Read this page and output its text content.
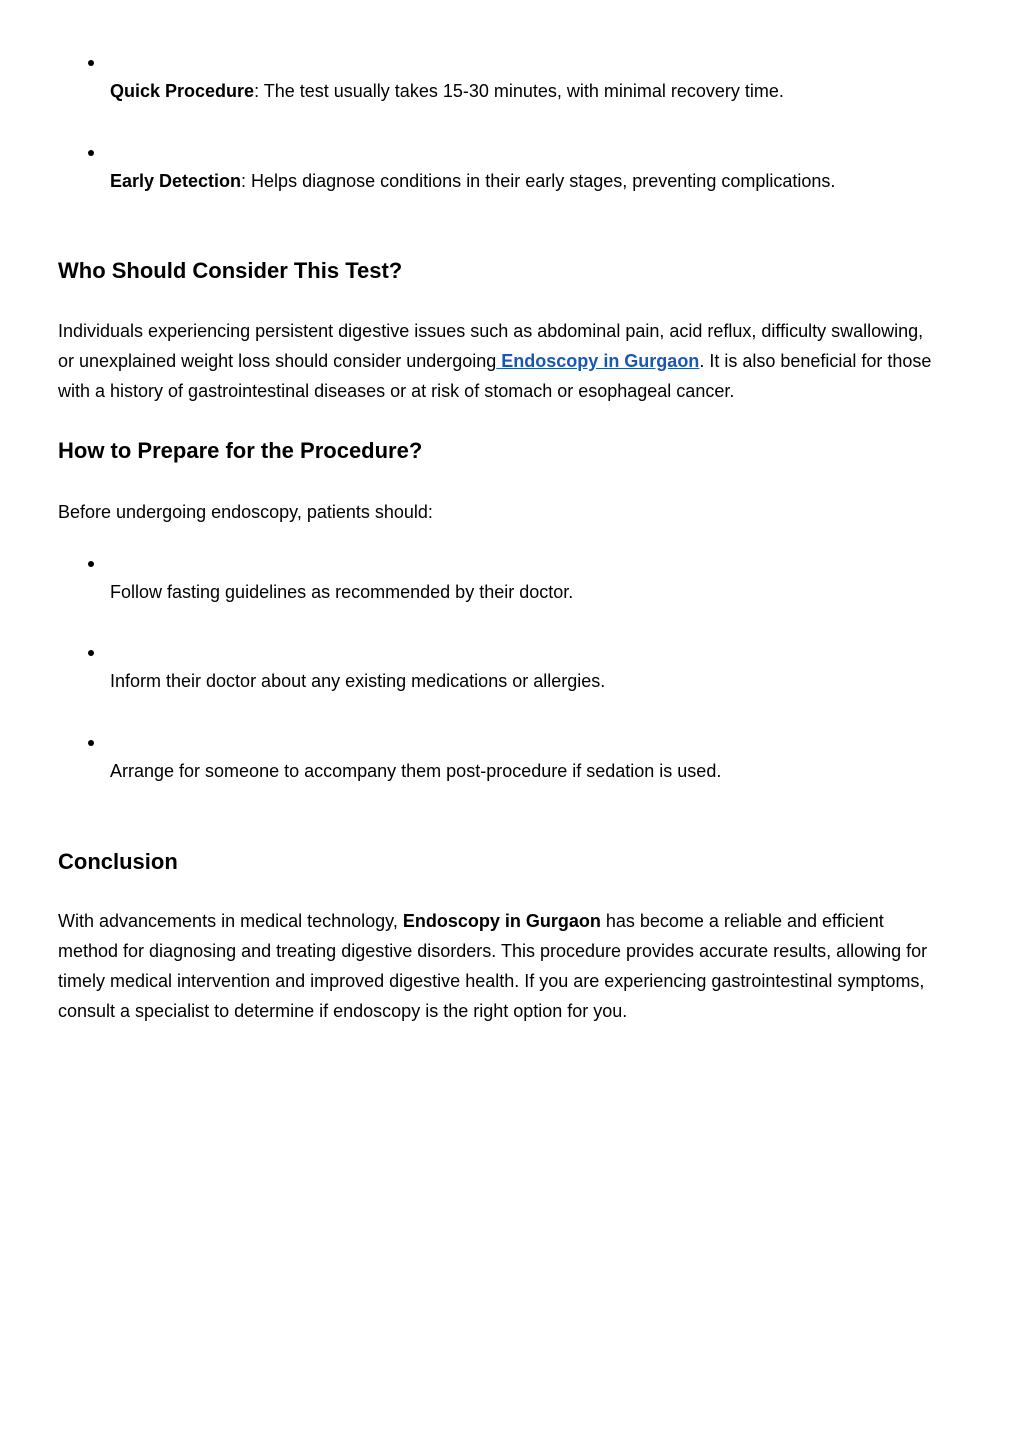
Quick Procedure: The test usually takes 15-30 minutes, with minimal recovery time.
Early Detection: Helps diagnose conditions in their early stages, preventing complications.
Who Should Consider This Test?

Individuals experiencing persistent digestive issues such as abdominal pain, acid reflux, difficulty swallowing,
or unexplained weight loss should consider undergoing Endoscopy in Gurgaon. It is also beneficial for those
with a history of gastrointestinal diseases or at risk of stomach or esophageal cancer.

How to Prepare for the Procedure?

Before undergoing endoscopy, patients should:

Follow fasting guidelines as recommended by their doctor.
Inform their doctor about any existing medications or allergies.
Arrange for someone to accompany them post-procedure if sedation is used.
Conclusion

With advancements in medical technology, Endoscopy in Gurgaon has become a reliable and efficient
method for diagnosing and treating digestive disorders. This procedure provides accurate results, allowing for
timely medical intervention and improved digestive health. If you are experiencing gastrointestinal symptoms,
consult a specialist to determine if endoscopy is the right option for you.
